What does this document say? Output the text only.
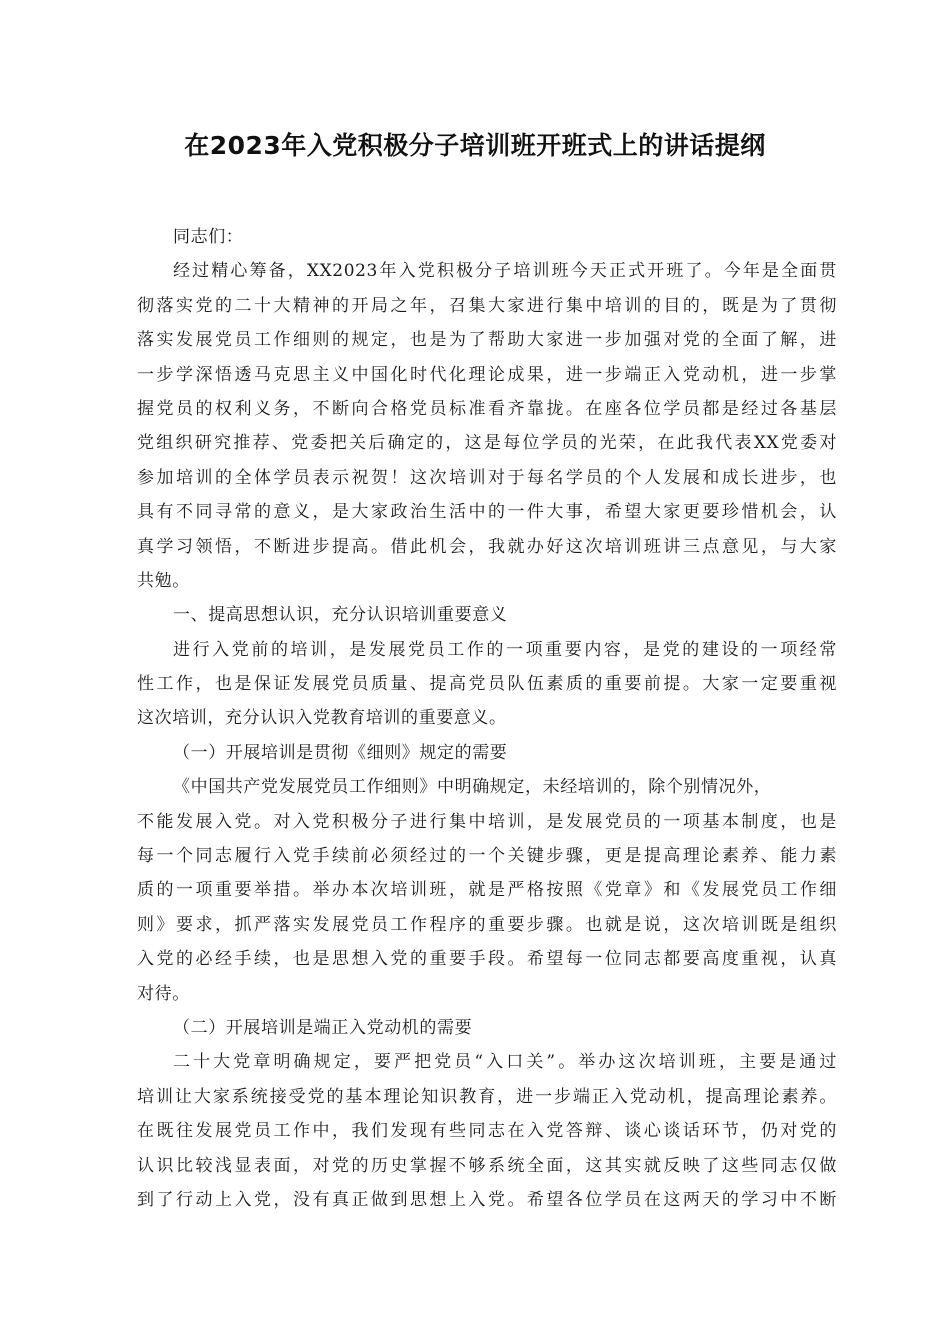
在2023年入党积极分子培训班开班式上的讲话提纲
同志们：
经过精心筹备，XX2023年入党积极分子培训班今天正式开班了。今年是全面贯
彻落实党的二十大精神的开局之年，召集大家进行集中培训的目的，既是为了贯彻
落实发展党员工作细则的规定，也是为了帮助大家进一步加强对党的全面了解，进
一步学深悟透马克思主义中国化时代化理论成果，进一步端正入党动机，进一步掌
握党员的权利义务，不断向合格党员标准看齐靠拢。在座各位学员都是经过各基层
党组织研究推荐、党委把关后确定的，这是每位学员的光荣，在此我代表XX党委对
参加培训的全体学员表示祝贺！这次培训对于每名学员的个人发展和成长进步，也
具有不同寻常的意义，是大家政治生活中的一件大事，希望大家更要珍惜机会，认
真学习领悟，不断进步提高。借此机会，我就办好这次培训班讲三点意见，与大家
共勉。
一、提高思想认识，充分认识培训重要意义
进行入党前的培训，是发展党员工作的一项重要内容，是党的建设的一项经常
性工作，也是保证发展党员质量、提高党员队伍素质的重要前提。大家一定要重视
这次培训，充分认识入党教育培训的重要意义。
（一）开展培训是贯彻《细则》规定的需要
《中国共产党发展党员工作细则》中明确规定，未经培训的，除个别情况外，
不能发展入党。对入党积极分子进行集中培训，是发展党员的一项基本制度，也是
每一个同志履行入党手续前必须经过的一个关键步骤，更是提高理论素养、能力素
质的一项重要举措。举办本次培训班，就是严格按照《党章》和《发展党员工作细
则》要求，抓严落实发展党员工作程序的重要步骤。也就是说，这次培训既是组织
入党的必经手续，也是思想入党的重要手段。希望每一位同志都要高度重视，认真
对待。
（二）开展培训是端正入党动机的需要
二十大党章明确规定，要严把党员“入口关”。举办这次培训班，主要是通过
培训让大家系统接受党的基本理论知识教育，进一步端正入党动机，提高理论素养。
在既往发展党员工作中，我们发现有些同志在入党答辩、谈心谈话环节，仍对党的
认识比较浅显表面，对党的历史掌握不够系统全面，这其实就反映了这些同志仅做
到了行动上入党，没有真正做到思想上入党。希望各位学员在这两天的学习中不断
